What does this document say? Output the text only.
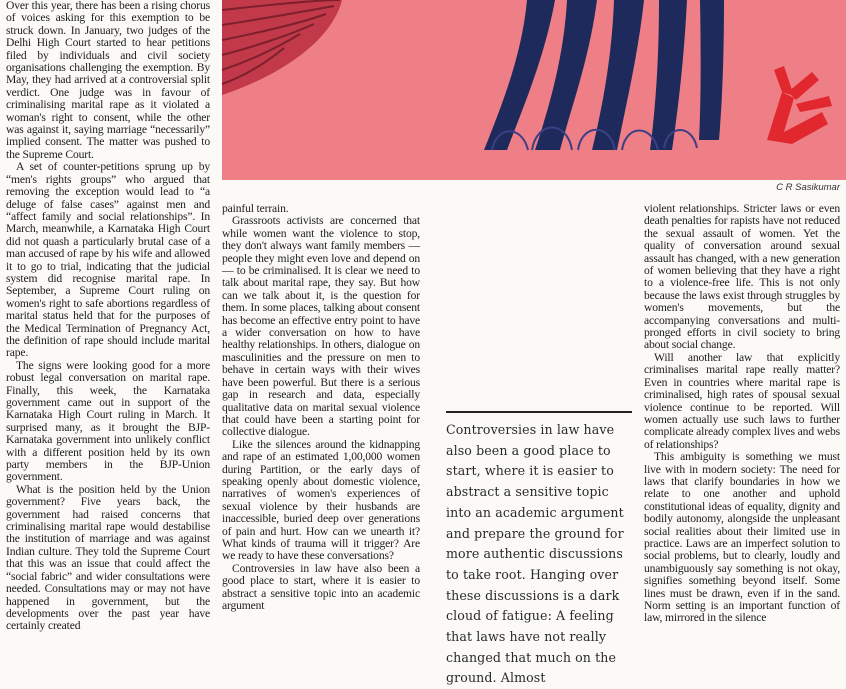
Over this year, there has been a rising chorus of voices asking for this exemption to be struck down. In January, two judges of the Delhi High Court started to hear petitions filed by individuals and civil society organisations challenging the exemption. By May, they had arrived at a controversial split verdict. One judge was in favour of criminalising marital rape as it violated a woman's right to consent, while the other was against it, saying marriage “necessarily” implied consent. The matter was pushed to the Supreme Court.

A set of counter-petitions sprung up by “men's rights groups” who argued that removing the exception would lead to “a deluge of false cases” against men and “affect family and social relationships”. In March, meanwhile, a Karnataka High Court did not quash a particularly brutal case of a man accused of rape by his wife and allowed it to go to trial, indicating that the judicial system did recognise marital rape. In September, a Supreme Court ruling on women's right to safe abortions regardless of marital status held that for the purposes of the Medical Termination of Pregnancy Act, the definition of rape should include marital rape.

The signs were looking good for a more robust legal conversation on marital rape. Finally, this week, the Karnataka government came out in support of the Karnataka High Court ruling in March. It surprised many, as it brought the BJP-Karnataka government into unlikely conflict with a different position held by its own party members in the BJP-Union government.

What is the position held by the Union government? Five years back, the government had raised concerns that criminalising marital rape would destabilise the institution of marriage and was against Indian culture. They told the Supreme Court that this was an issue that could affect the “social fabric” and wider consultations were needed. Consultations may or may not have happened in government, but the developments over the past year have certainly created

C R Sasikumar

painful terrain.

Grassroots activists are concerned that while women want the violence to stop, they don't always want family members — people they might even love and depend on — to be criminalised. It is clear we need to talk about marital rape, they say. But how can we talk about it, is the question for them. In some places, talking about consent has become an effective entry point to have a wider conversation on how to have healthy relationships. In others, dialogue on masculinities and the pressure on men to behave in certain ways with their wives have been powerful. But there is a serious gap in research and data, especially qualitative data on marital sexual violence that could have been a starting point for collective dialogue.

Like the silences around the kidnapping and rape of an estimated 1,00,000 women during Partition, or the early days of speaking openly about domestic violence, narratives of women's experiences of sexual violence by their husbands are inaccessible, buried deep over generations of pain and hurt. How can we unearth it? What kinds of trauma will it trigger? Are we ready to have these conversations?

Controversies in law have also been a good place to start, where it is easier to abstract a sensitive topic into an academic argument

Controversies in law have also been a good place to start, where it is easier to abstract a sensitive topic into an academic argument and prepare the ground for more authentic discussions to take root. Hanging over these discussions is a dark cloud of fatigue: A feeling that laws have not really changed that much on the ground. Almost

violent relationships. Stricter laws or even death penalties for rapists have not reduced the sexual assault of women. Yet the quality of conversation around sexual assault has changed, with a new generation of women believing that they have a right to a violence-free life. This is not only because the laws exist through struggles by women's movements, but the accompanying conversations and multi-pronged efforts in civil society to bring about social change.

Will another law that explicitly criminalises marital rape really matter? Even in countries where marital rape is criminalised, high rates of spousal sexual violence continue to be reported. Will women actually use such laws to further complicate already complex lives and webs of relationships?

This ambiguity is something we must live with in modern society: The need for laws that clarify boundaries in how we relate to one another and uphold constitutional ideas of equality, dignity and bodily autonomy, alongside the unpleasant social realities about their limited use in practice. Laws are an imperfect solution to social problems, but to clearly, loudly and unambiguously say something is not okay, signifies something beyond itself. Some lines must be drawn, even if in the sand. Norm setting is an important function of law, mirrored in the silence
